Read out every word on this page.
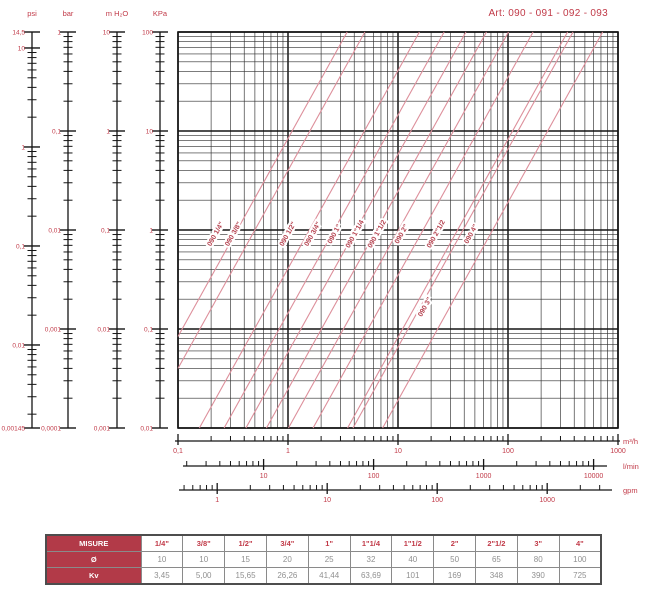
Art: 090 - 091 - 092 - 093
14,5
10
1
0,1
0,01
0,00145
psi
1
0,1
0,01
0,001
0,0001
bar
10
1
0,1
0,01
0,001
m H₂O
100
10
1
0,1
0,01
KPa
090 1/4"
090 3/8"	090 1/2" 090 3/4" 090 1" 090 1"1/4 090 1"1/2 090 2" 090 2"1/2
090 3"
090 4"
0,1	1	10	100	1000
m³/h
10	100	1000	10000
l/min
1	10	100	1000
gpm
MISURE	1/4"	3/8"	1/2"	3/4"	1"	1"1/4	1"1/2	2"	2"1/2	3"	4"
Ø	10	10	15	20	25	32	40	50	65	80	100
Kv	3,45	5,00	15,65	26,26	41,44	63,69	101	169	348	390	725
